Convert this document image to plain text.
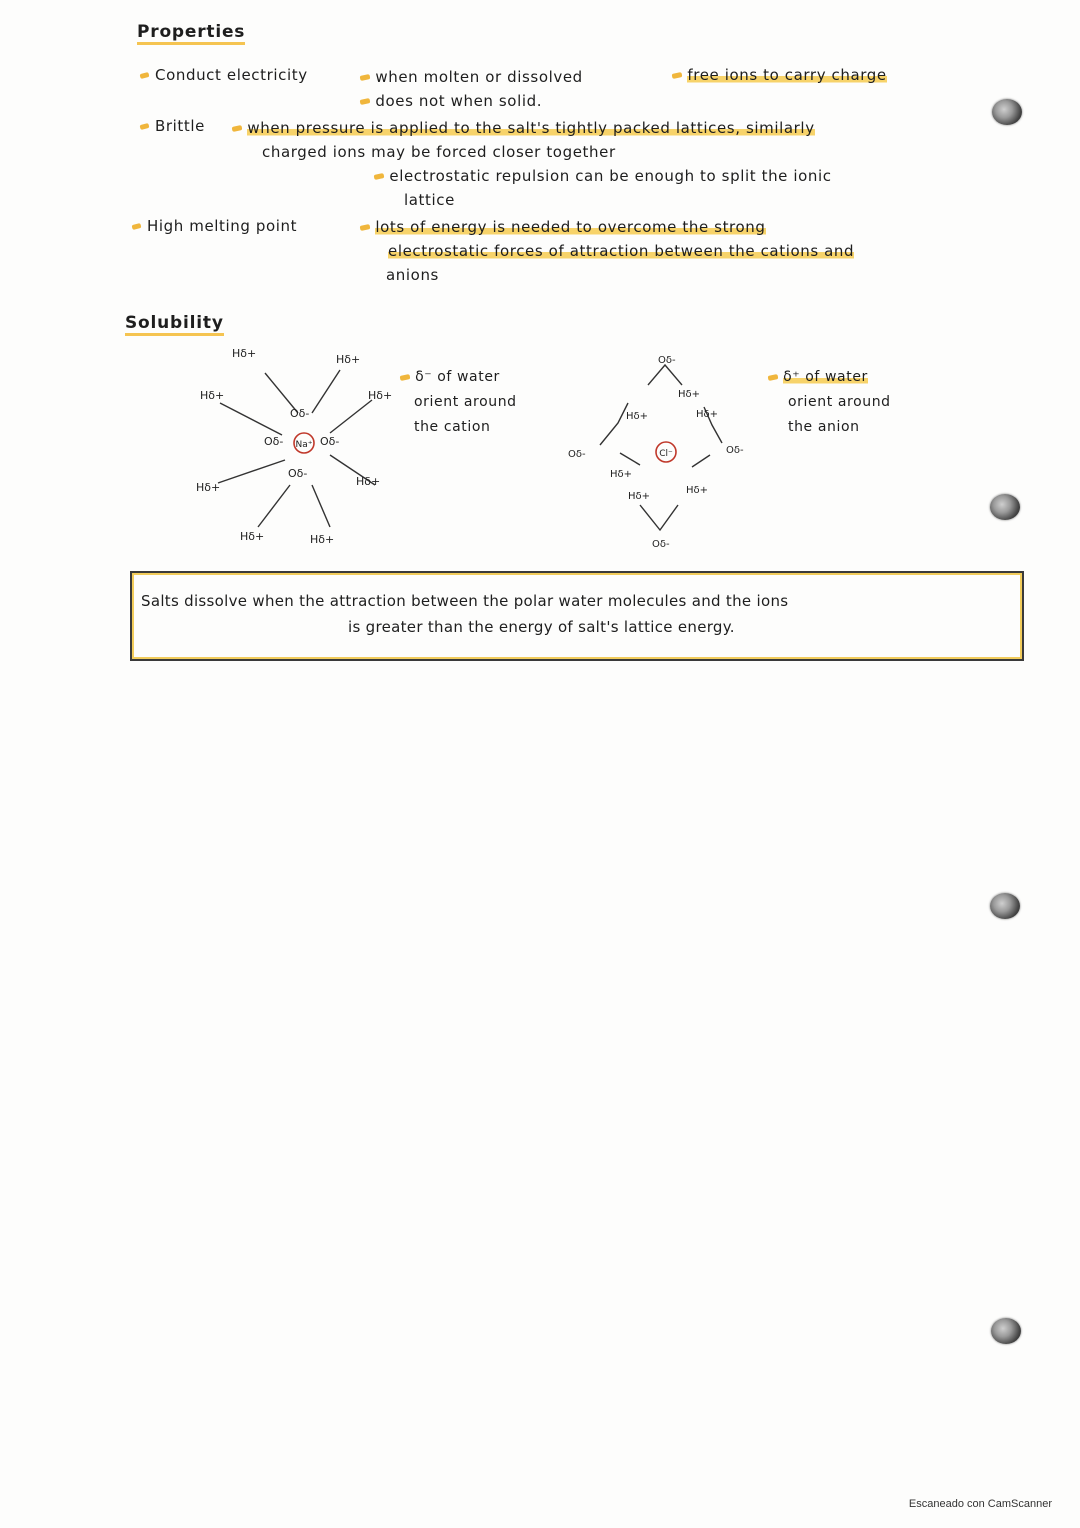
Properties
Conduct electricity	when molten or dissolved	free ions to carry charge
does not when solid.
Brittle	when pressure is applied to the salt's tightly packed lattices, similarly
charged ions may be forced closer together
electrostatic repulsion can be enough to split the ionic
lattice
High melting point	lots of energy is needed to overcome the strong
electrostatic forces of attraction between the cations and
anions
Solubility
Na⁺
Hδ+	Hδ+
Hδ+	Hδ+
Hδ+	Hδ+
Hδ+	Hδ+
Oδ-
Oδ-	Oδ-
Oδ-
δ⁻ of water
orient around
the cation
Cl⁻
Oδ-
Hδ+
Hδ+	Hδ+
Oδ-	Oδ-
Hδ+
Hδ+
Hδ+
Oδ-
δ⁺ of water
orient around
the anion
Salts dissolve when the attraction between the polar water molecules and the ions
is greater than the energy of salt's lattice energy.
Escaneado con CamScanner
